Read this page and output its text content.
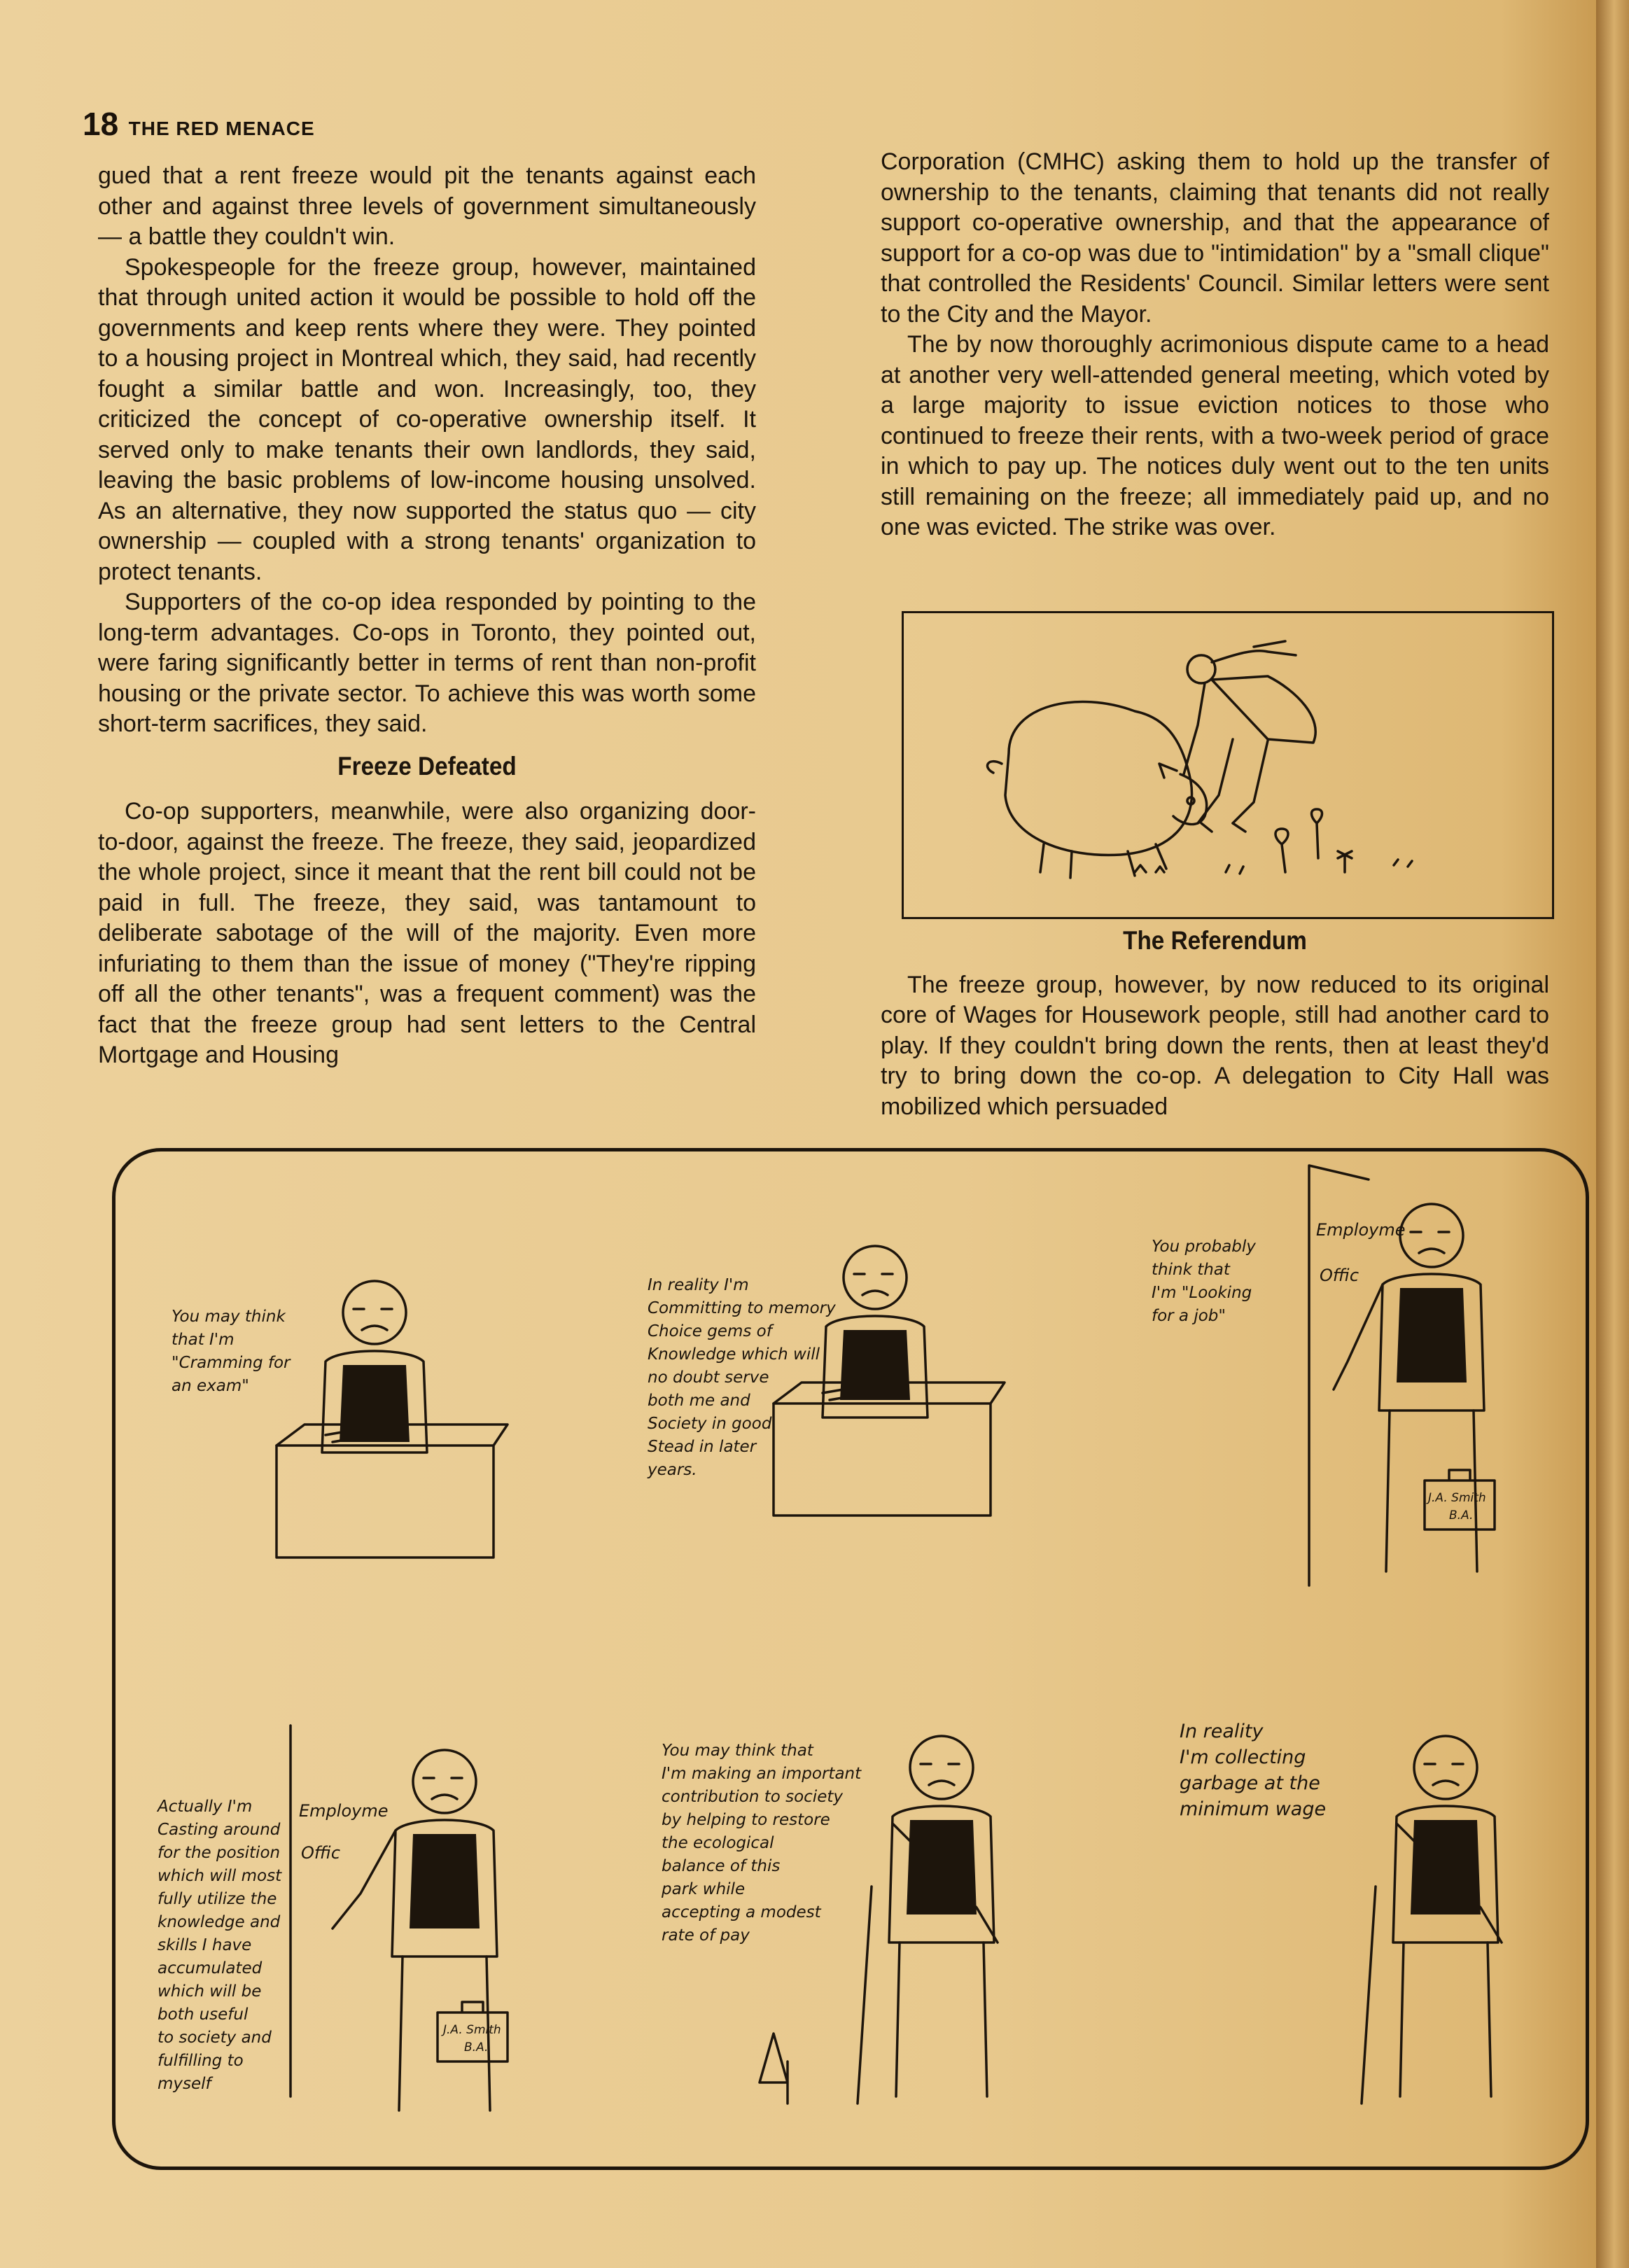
18 THE RED MENACE

gued that a rent freeze would pit the tenants against each other and against three levels of government simultaneously — a battle they couldn't win.

Spokespeople for the freeze group, however, maintained that through united action it would be possible to hold off the governments and keep rents where they were. They pointed to a housing project in Montreal which, they said, had recently fought a similar battle and won. Increasingly, too, they criticized the concept of co-operative ownership itself. It served only to make tenants their own landlords, they said, leaving the basic problems of low-income housing unsolved. As an alternative, they now supported the status quo — city ownership — coupled with a strong tenants' organization to protect tenants.

Supporters of the co-op idea responded by pointing to the long-term advantages. Co-ops in Toronto, they pointed out, were faring significantly better in terms of rent than non-profit housing or the private sector. To achieve this was worth some short-term sacrifices, they said.

Freeze Defeated

Co-op supporters, meanwhile, were also organizing door-to-door, against the freeze. The freeze, they said, jeopardized the whole project, since it meant that the rent bill could not be paid in full. The freeze, they said, was tantamount to deliberate sabotage of the will of the majority. Even more infuriating to them than the issue of money ("They're ripping off all the other tenants", was a frequent comment) was the fact that the freeze group had sent letters to the Central Mortgage and Housing

Corporation (CMHC) asking them to hold up the transfer of ownership to the tenants, claiming that tenants did not really support co-operative ownership, and that the appearance of support for a co-op was due to "intimidation" by a "small clique" that controlled the Residents' Council. Similar letters were sent to the City and the Mayor.

The by now thoroughly acrimonious dispute came to a head at another very well-attended general meeting, which voted by a large majority to issue eviction notices to those who continued to freeze their rents, with a two-week period of grace in which to pay up. The notices duly went out to the ten units still remaining on the freeze; all immediately paid up, and no one was evicted. The strike was over.

The Referendum

The freeze group, however, by now reduced to its original core of Wages for Housework people, still had another card to play. If they couldn't bring down the rents, then at least they'd try to bring down the co-op. A delegation to City Hall was mobilized which persuaded

Employme
Offic
J.A. Smith
B.A.
Employme
Offic
J.A. Smith
B.A.
You may think
that I'm
"Cramming for
an exam"
In reality I'm
Committing to memory
Choice gems of
Knowledge which will
no doubt serve
both me and
Society in good
Stead in later
years.
You probably
think that
I'm "Looking
for a job"
Actually I'm
Casting around
for the position
which will most
fully utilize the
knowledge and
skills I have
accumulated
which will be
both useful
to society and
fulfilling to
myself
You may think that
I'm making an important
contribution to society
by helping to restore
the ecological
balance of this
park while
accepting a modest
rate of pay
In reality
I'm collecting
garbage at the
minimum wage
